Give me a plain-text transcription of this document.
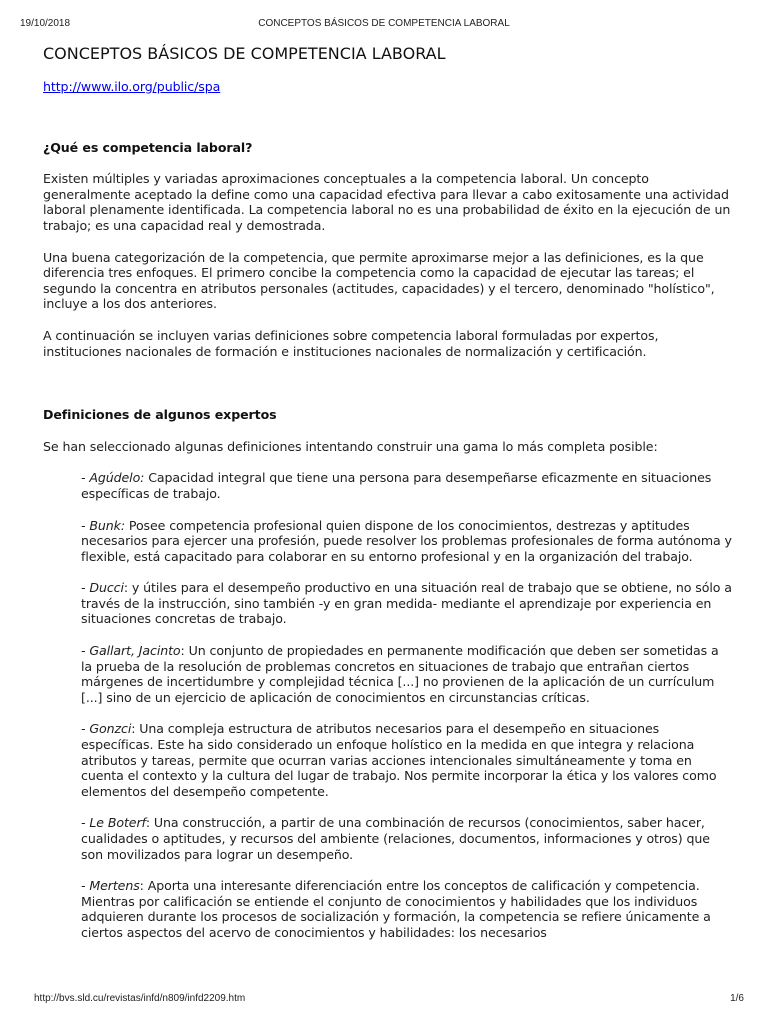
19/10/2018	CONCEPTOS BÁSICOS DE COMPETENCIA LABORAL
CONCEPTOS BÁSICOS DE COMPETENCIA LABORAL
http://www.ilo.org/public/spa
¿Qué es competencia laboral?

Existen múltiples y variadas aproximaciones conceptuales a la competencia laboral. Un concepto generalmente aceptado la define como una capacidad efectiva para llevar a cabo exitosamente una actividad laboral plenamente identificada. La competencia laboral no es una probabilidad de éxito en la ejecución de un trabajo; es una capacidad real y demostrada.

Una buena categorización de la competencia, que permite aproximarse mejor a las definiciones, es la que diferencia tres enfoques. El primero concibe la competencia como la capacidad de ejecutar las tareas; el segundo la concentra en atributos personales (actitudes, capacidades) y el tercero, denominado "holístico", incluye a los dos anteriores.

A continuación se incluyen varias definiciones sobre competencia laboral formuladas por expertos, instituciones nacionales de formación e instituciones nacionales de normalización y certificación.

Definiciones de algunos expertos

Se han seleccionado algunas definiciones intentando construir una gama lo más completa posible:

- Agúdelo: Capacidad integral que tiene una persona para desempeñarse eficazmente en situaciones específicas de trabajo.

- Bunk: Posee competencia profesional quien dispone de los conocimientos, destrezas y aptitudes necesarios para ejercer una profesión, puede resolver los problemas profesionales de forma autónoma y flexible, está capacitado para colaborar en su entorno profesional y en la organización del trabajo.

- Ducci: y útiles para el desempeño productivo en una situación real de trabajo que se obtiene, no sólo a través de la instrucción, sino también -y en gran medida- mediante el aprendizaje por experiencia en situaciones concretas de trabajo.

- Gallart, Jacinto: Un conjunto de propiedades en permanente modificación que deben ser sometidas a la prueba de la resolución de problemas concretos en situaciones de trabajo que entrañan ciertos márgenes de incertidumbre y complejidad técnica [...] no provienen de la aplicación de un currículum [...] sino de un ejercicio de aplicación de conocimientos en circunstancias críticas.

- Gonzci: Una compleja estructura de atributos necesarios para el desempeño en situaciones específicas. Este ha sido considerado un enfoque holístico en la medida en que integra y relaciona atributos y tareas, permite que ocurran varias acciones intencionales simultáneamente y toma en cuenta el contexto y la cultura del lugar de trabajo. Nos permite incorporar la ética y los valores como elementos del desempeño competente.

- Le Boterf: Una construcción, a partir de una combinación de recursos (conocimientos, saber hacer, cualidades o aptitudes, y recursos del ambiente (relaciones, documentos, informaciones y otros) que son movilizados para lograr un desempeño.

- Mertens: Aporta una interesante diferenciación entre los conceptos de calificación y competencia. Mientras por calificación se entiende el conjunto de conocimientos y habilidades que los individuos adquieren durante los procesos de socialización y formación, la competencia se refiere únicamente a ciertos aspectos del acervo de conocimientos y habilidades: los necesarios

http://bvs.sld.cu/revistas/infd/n809/infd2209.htm	1/6
